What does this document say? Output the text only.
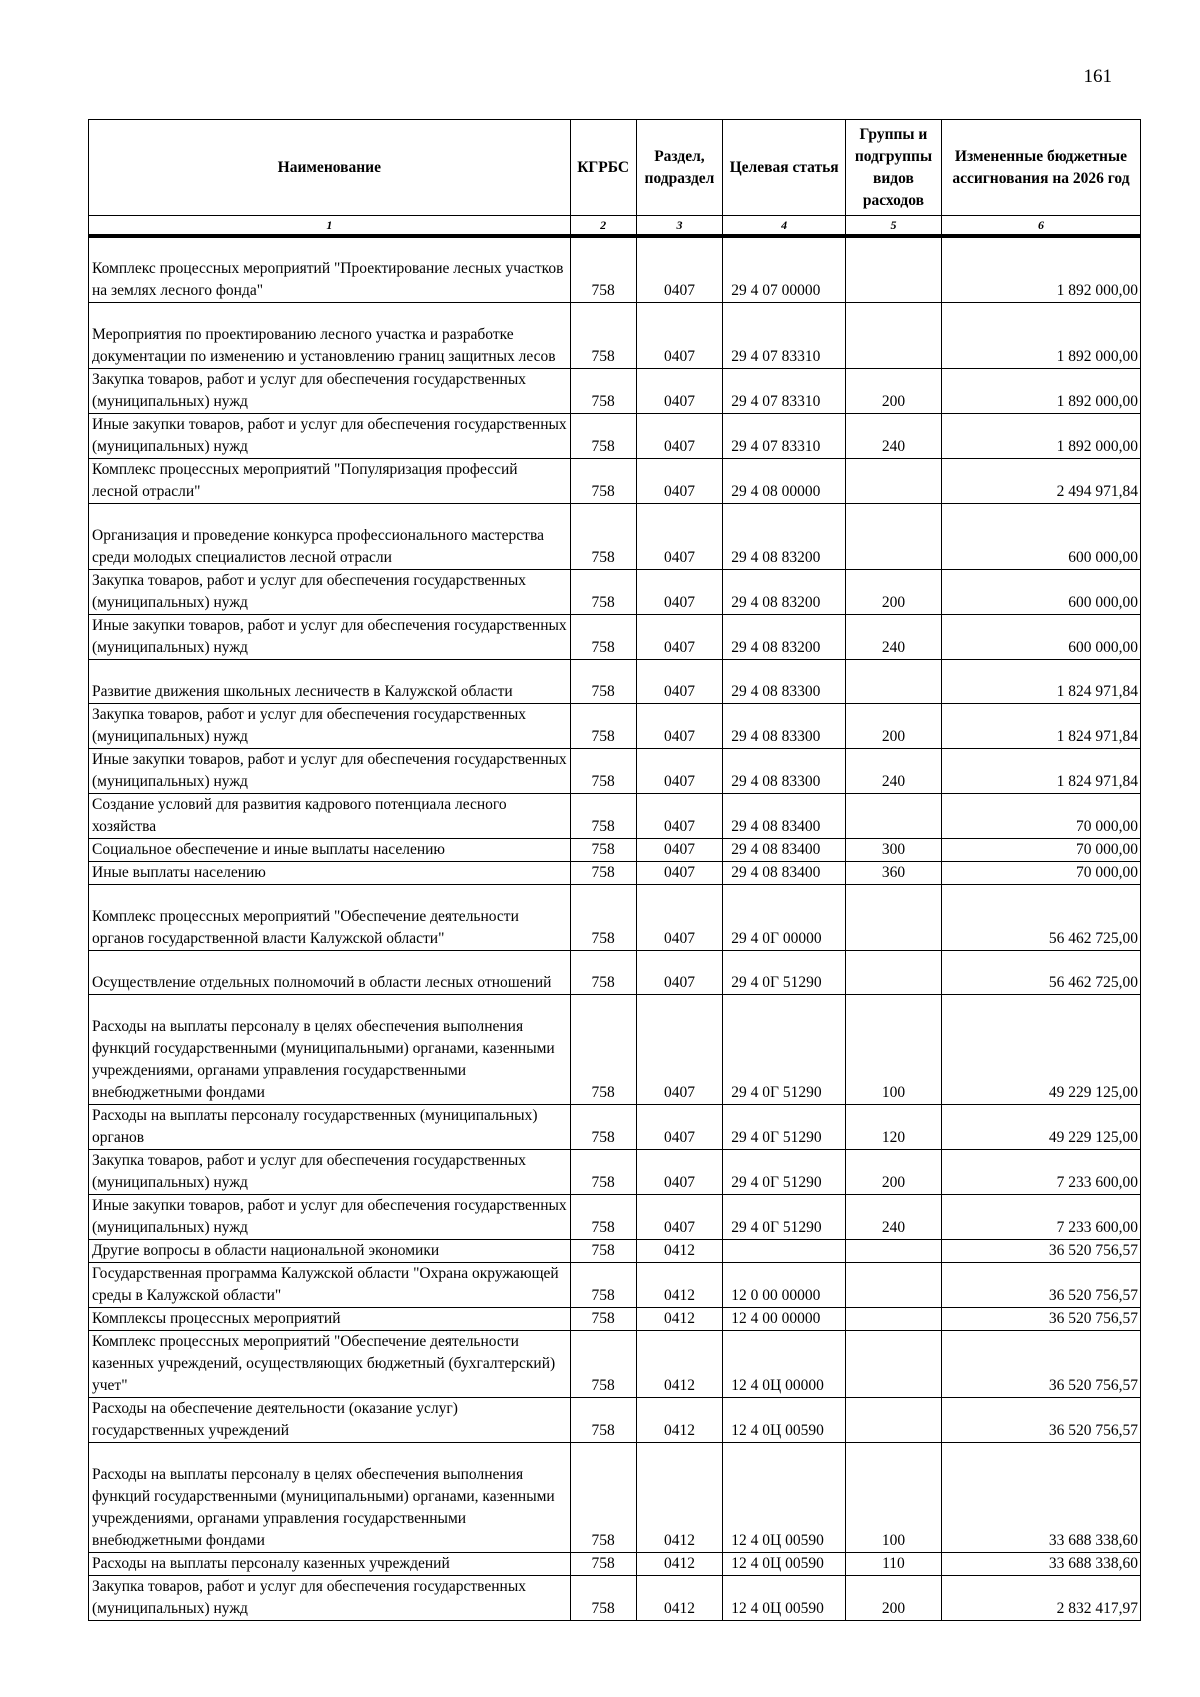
161
Наименование	КГРБС	Раздел, подраздел	Целевая статья	Группы и подгруппы видов расходов	Измененные бюджетные ассигнования на 2026 год
1	2	3	4	5	6
Комплекс процессных мероприятий "Проектирование лесных участков на землях лесного фонда"	758	0407	29 4 07 00000		1 892 000,00
Мероприятия по проектированию лесного участка и разработке документации по изменению и установлению границ защитных лесов	758	0407	29 4 07 83310		1 892 000,00
Закупка товаров, работ и услуг для обеспечения государственных (муниципальных) нужд	758	0407	29 4 07 83310	200	1 892 000,00
Иные закупки товаров, работ и услуг для обеспечения государственных (муниципальных) нужд	758	0407	29 4 07 83310	240	1 892 000,00
Комплекс процессных мероприятий "Популяризация профессий лесной отрасли"	758	0407	29 4 08 00000		2 494 971,84
Организация и проведение конкурса профессионального мастерства среди молодых специалистов лесной отрасли	758	0407	29 4 08 83200		600 000,00
Закупка товаров, работ и услуг для обеспечения государственных (муниципальных) нужд	758	0407	29 4 08 83200	200	600 000,00
Иные закупки товаров, работ и услуг для обеспечения государственных (муниципальных) нужд	758	0407	29 4 08 83200	240	600 000,00
Развитие движения школьных лесничеств в Калужской области	758	0407	29 4 08 83300		1 824 971,84
Закупка товаров, работ и услуг для обеспечения государственных (муниципальных) нужд	758	0407	29 4 08 83300	200	1 824 971,84
Иные закупки товаров, работ и услуг для обеспечения государственных (муниципальных) нужд	758	0407	29 4 08 83300	240	1 824 971,84
Создание условий для развития кадрового потенциала лесного хозяйства	758	0407	29 4 08 83400		70 000,00
Социальное обеспечение и иные выплаты населению	758	0407	29 4 08 83400	300	70 000,00
Иные выплаты населению	758	0407	29 4 08 83400	360	70 000,00
Комплекс процессных мероприятий "Обеспечение деятельности органов государственной власти Калужской области"	758	0407	29 4 0Г 00000		56 462 725,00
Осуществление отдельных полномочий в области лесных отношений	758	0407	29 4 0Г 51290		56 462 725,00
Расходы на выплаты персоналу в целях обеспечения выполнения функций государственными (муниципальными) органами, казенными учреждениями, органами управления государственными внебюджетными фондами	758	0407	29 4 0Г 51290	100	49 229 125,00
Расходы на выплаты персоналу государственных (муниципальных) органов	758	0407	29 4 0Г 51290	120	49 229 125,00
Закупка товаров, работ и услуг для обеспечения государственных (муниципальных) нужд	758	0407	29 4 0Г 51290	200	7 233 600,00
Иные закупки товаров, работ и услуг для обеспечения государственных (муниципальных) нужд	758	0407	29 4 0Г 51290	240	7 233 600,00
Другие вопросы в области национальной экономики	758	0412			36 520 756,57
Государственная программа Калужской области "Охрана окружающей среды в Калужской области"	758	0412	12 0 00 00000		36 520 756,57
Комплексы процессных мероприятий	758	0412	12 4 00 00000		36 520 756,57
Комплекс процессных мероприятий "Обеспечение деятельности казенных учреждений, осуществляющих бюджетный (бухгалтерский) учет"	758	0412	12 4 0Ц 00000		36 520 756,57
Расходы на обеспечение деятельности (оказание услуг) государственных учреждений	758	0412	12 4 0Ц 00590		36 520 756,57
Расходы на выплаты персоналу в целях обеспечения выполнения функций государственными (муниципальными) органами, казенными учреждениями, органами управления государственными внебюджетными фондами	758	0412	12 4 0Ц 00590	100	33 688 338,60
Расходы на выплаты персоналу казенных учреждений	758	0412	12 4 0Ц 00590	110	33 688 338,60
Закупка товаров, работ и услуг для обеспечения государственных (муниципальных) нужд	758	0412	12 4 0Ц 00590	200	2 832 417,97
